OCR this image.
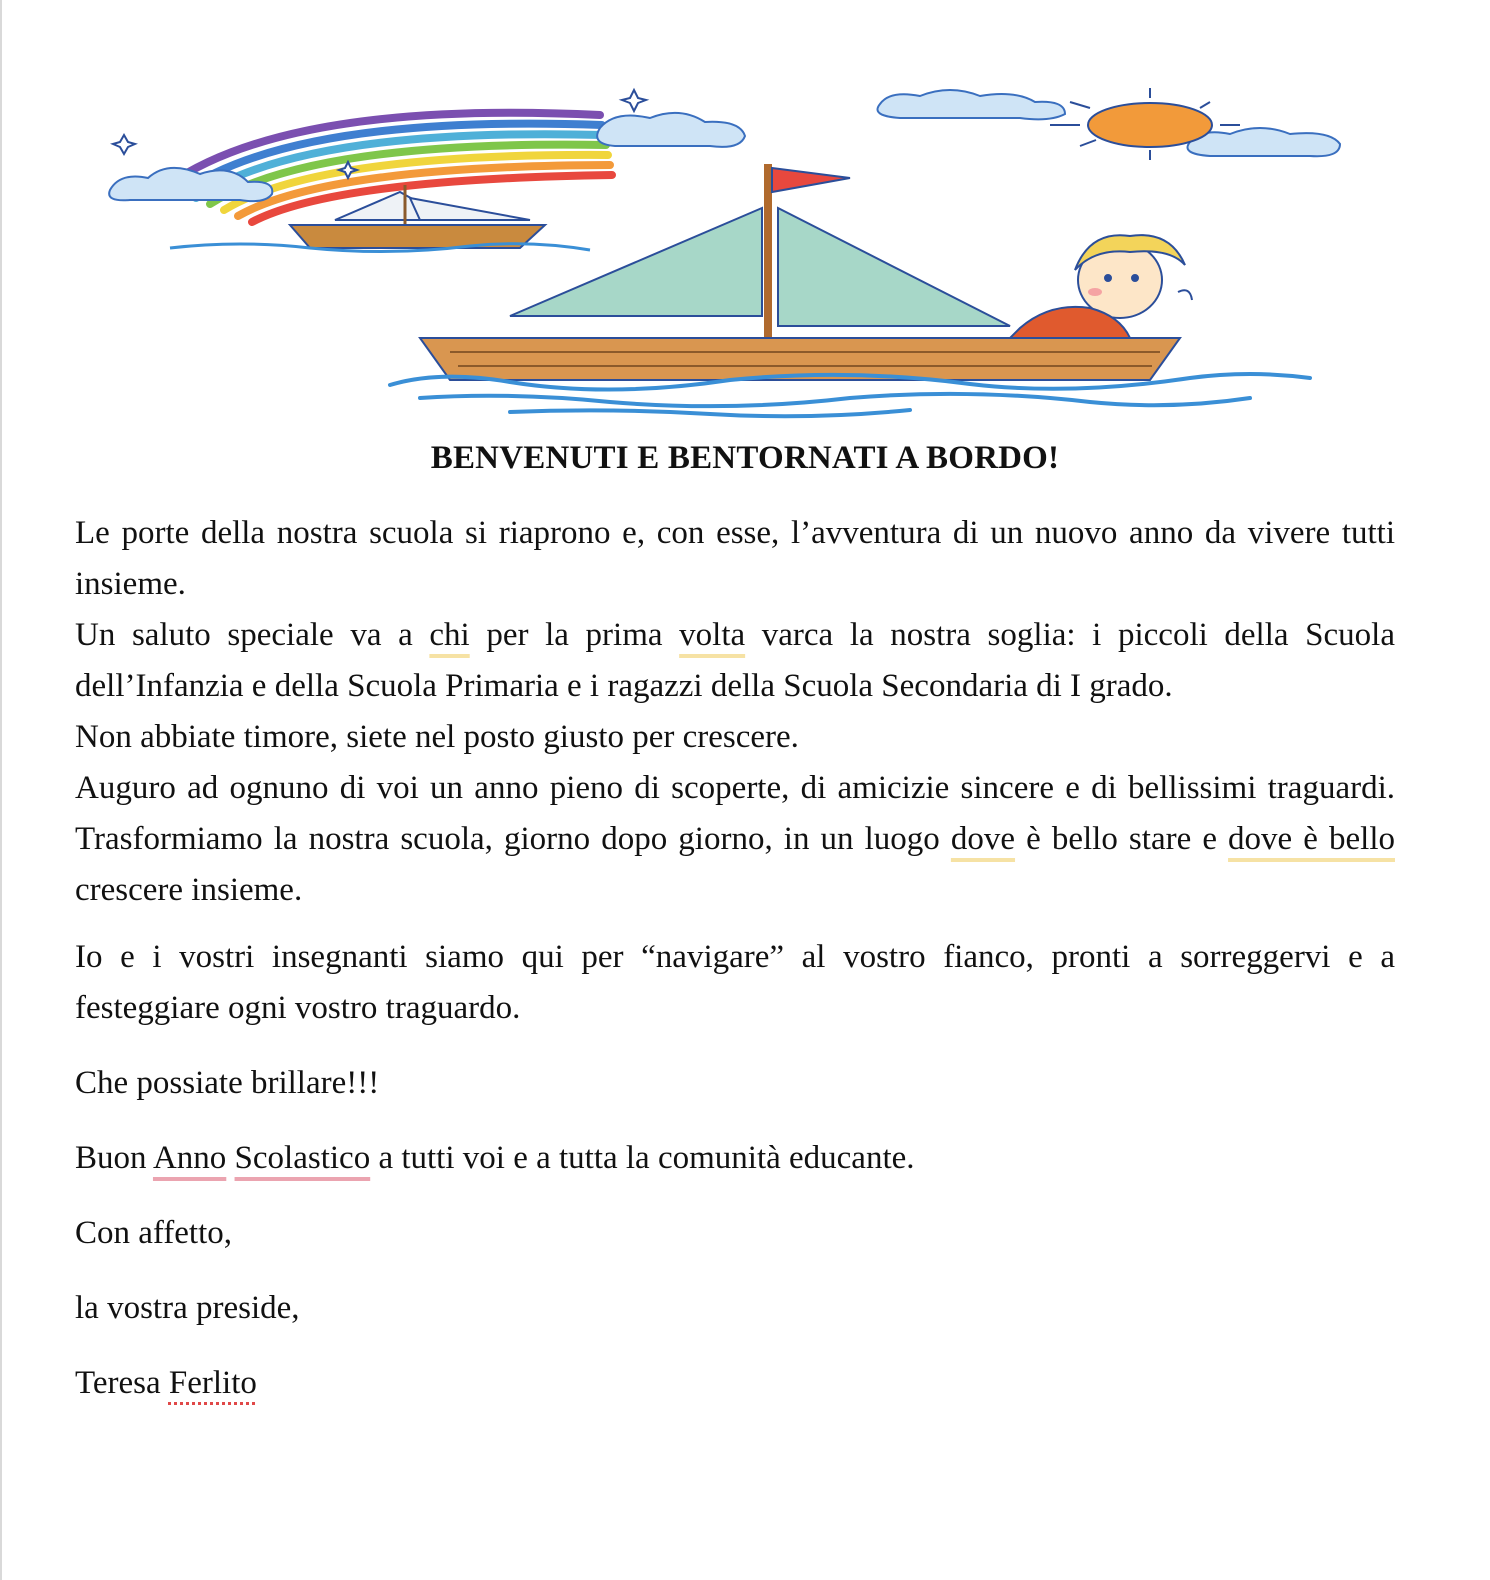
BENVENUTI E BENTORNATI A BORDO!

Le porte della nostra scuola si riaprono e, con esse, l’avventura di un nuovo anno da vivere tutti insieme.

Un saluto speciale va a chi per la prima volta varca la nostra soglia: i piccoli della Scuola dell’Infanzia e della Scuola Primaria e i ragazzi della Scuola Secondaria di I grado.

Non abbiate timore, siete nel posto giusto per crescere.

Auguro ad ognuno di voi un anno pieno di scoperte, di amicizie sincere e di bellissimi traguardi. Trasformiamo la nostra scuola, giorno dopo giorno, in un luogo dove è bello stare e dove è bello crescere insieme.

Io e i vostri insegnanti siamo qui per “navigare” al vostro fianco, pronti a sorreggervi e a festeggiare ogni vostro traguardo.

Che possiate brillare!!!

Buon Anno Scolastico a tutti voi e a tutta la comunità educante.

Con affetto,

la vostra preside,

Teresa Ferlito
